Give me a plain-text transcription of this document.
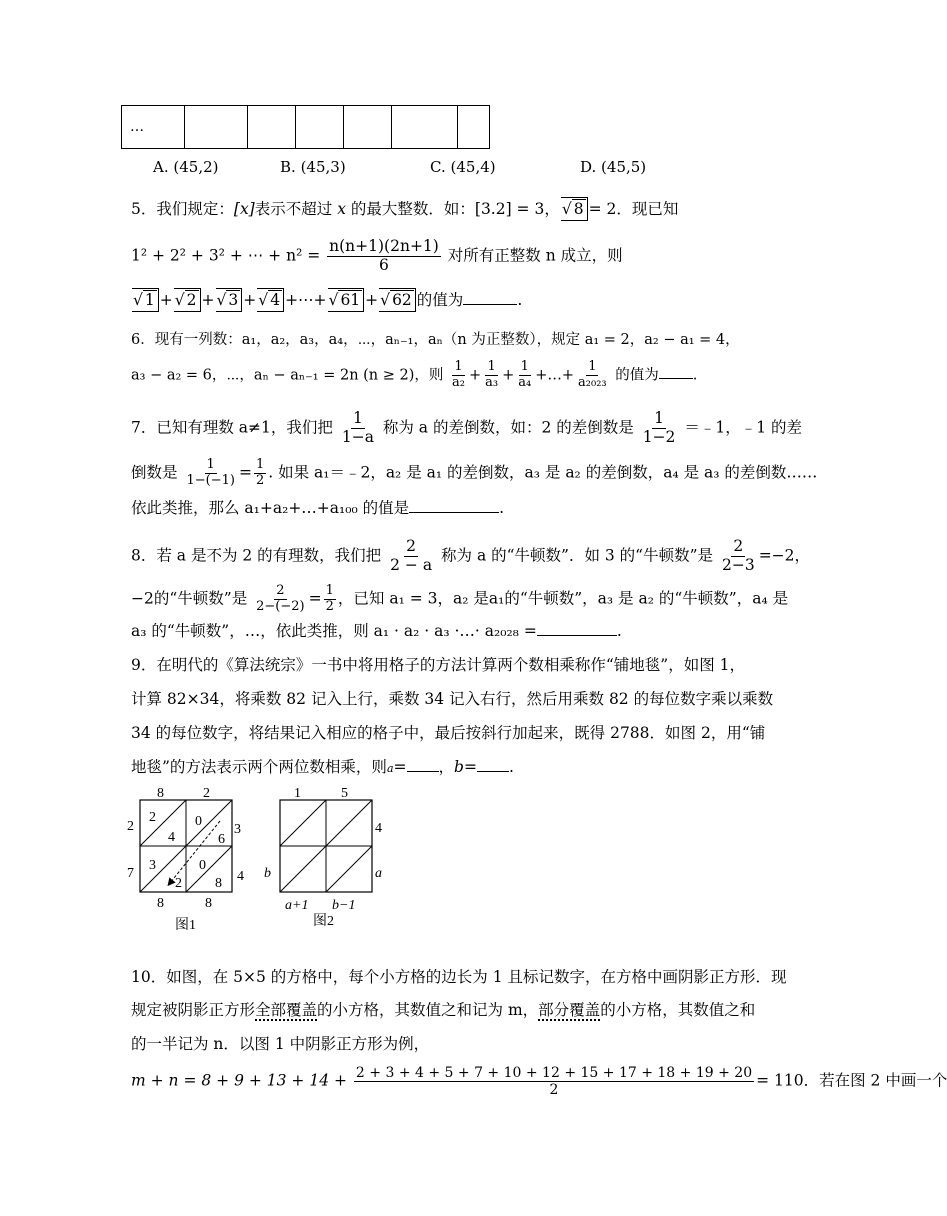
…						
A. (45,2)	B. (45,3)	C. (45,4)	D. (45,5)
5．我们规定：[x]表示不超过 x 的最大整数．如：[3.2] = 3， √ 8 = 2．现已知
1² + 2² + 3² + ⋯ + $n^2 = \frac{n(n+1)(2n+1)}{6}$ 对所有正整数 n 成立，则
√ 1 + √ 2 + √ 3 + √ 4 +⋯+ √ 61 + √ 62 的值为	.
6．现有一列数：a₁，a₂，a₃，a₄，⋯，aₙ₋₁，aₙ（n 为正整数），规定 a₁ = 2，a₂ − a₁ = 4，
a₃ − a₂ = 6，⋯，aₙ − aₙ₋₁ = 2n (n ≥ 2)，则 $\frac{1}{\text{a₂}} + \frac{1}{\text{a₃}} + \frac{1}{\text{a₄}}$ +…+ $\frac{1}{\text{a₂₀₂₃}}$ 的值为 .
7．已知有理数 a≠1，我们把 $\frac{1}{1-a}$ 称为 a 的差倒数，如：2 的差倒数是 $\frac{1}{1-2}$ ＝﹣1，﹣1 的差
倒数是 $\frac{1}{1-(-1)} = \frac{1}{2}$ . 如果 a₁＝﹣2，a₂ 是 a₁ 的差倒数，a₃ 是 a₂ 的差倒数，a₄ 是 a₃ 的差倒数……
依此类推，那么 a₁+a₂+…+a₁₀₀ 的值是	.
8．若 a 是不为 2 的有理数，我们把 $\frac{2}{2 - a}$ 称为 a 的“牛顿数”．如 3 的“牛顿数”是 $\frac{2}{2-3} =-2$，
−2的“牛顿数”是 $\frac{2}{2-(-2)} = \frac{1}{2}$ ，已知 a₁ = 3，a₂ 是a₁的“牛顿数”，a₃ 是 a₂ 的“牛顿数”，a₄ 是
a₃ 的“牛顿数”，…，依此类推，则 a₁ · a₂ · a₃ ·…· a₂₀₂₈ =	.
9．在明代的《算法统宗》一书中将用格子的方法计算两个数相乘称作“铺地毯”，如图 1，
计算 82×34，将乘数 82 记入上行，乘数 34 记入右行，然后用乘数 82 的每位数字乘以乘数
34 的每位数字，将结果记入相应的格子中，最后按斜行加起来，既得 2788．如图 2，用“铺
地毯”的方法表示两个两位数相乘，则a= ，b= .
8	2
2
7
3
4
8	8
2
4
0
6
3
2
0
8
图1
1	5
4
a
b
a+1 b−1
图2
10．如图，在 5×5 的方格中，每个小方格的边长为 1 且标记数字，在方格中画阴影正方形．现
规定被阴影正方形全部覆盖的小方格，其数值之和记为 m，部分覆盖的小方格，其数值之和
的一半记为 n．以图 1 中阴影正方形为例，
$m + n = 8 + 9 + 13 + 14 + \frac{2 + 3 + 4 + 5 + 7 + 10 + 12 + 15 + 17 + 18 + 19 + 20}{2} = 110$．若在图 2 中画一个
